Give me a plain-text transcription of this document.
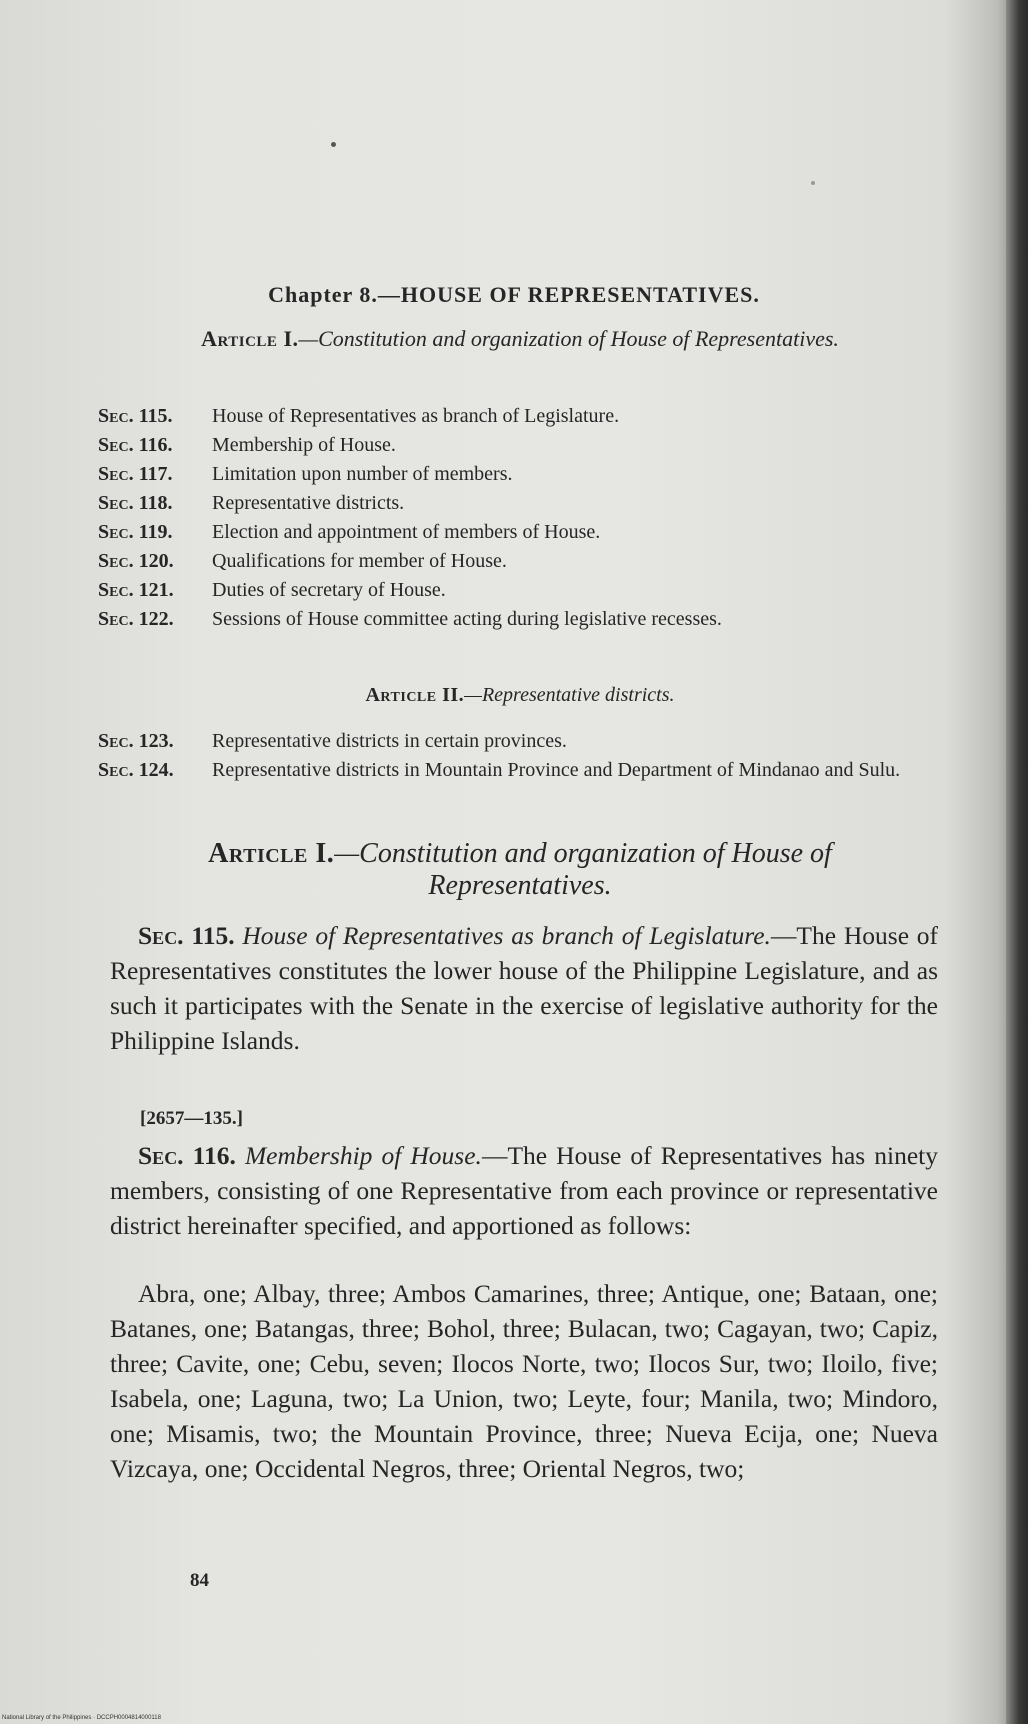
Chapter 8.—HOUSE OF REPRESENTATIVES.
Article I.—Constitution and organization of House of Representatives.
Sec. 115.	House of Representatives as branch of Legislature.
Sec. 116.	Membership of House.
Sec. 117.	Limitation upon number of members.
Sec. 118.	Representative districts.
Sec. 119.	Election and appointment of members of House.
Sec. 120.	Qualifications for member of House.
Sec. 121.	Duties of secretary of House.
Sec. 122.	Sessions of House committee acting during legislative recesses.
Article II.—Representative districts.
Sec. 123.	Representative districts in certain provinces.
Sec. 124.	Representative districts in Mountain Province and Department of Mindanao and Sulu.
Article I.—Constitution and organization of House of Representatives.

Sec. 115. House of Representatives as branch of Legislature.—The House of Representatives constitutes the lower house of the Philippine Legislature, and as such it participates with the Senate in the exercise of legislative authority for the Philippine Islands.

[2657—135.]

Sec. 116. Membership of House.—The House of Representatives has ninety members, consisting of one Representative from each province or representative district hereinafter specified, and apportioned as follows:

Abra, one; Albay, three; Ambos Camarines, three; Antique, one; Bataan, one; Batanes, one; Batangas, three; Bohol, three; Bulacan, two; Cagayan, two; Capiz, three; Cavite, one; Cebu, seven; Ilocos Norte, two; Ilocos Sur, two; Iloilo, five; Isabela, one; Laguna, two; La Union, two; Leyte, four; Manila, two; Mindoro, one; Misamis, two; the Mountain Province, three; Nueva Ecija, one; Nueva Vizcaya, one; Occidental Negros, three; Oriental Negros, two;

84
National Library of the Philippines · DCCPH0004814000118
